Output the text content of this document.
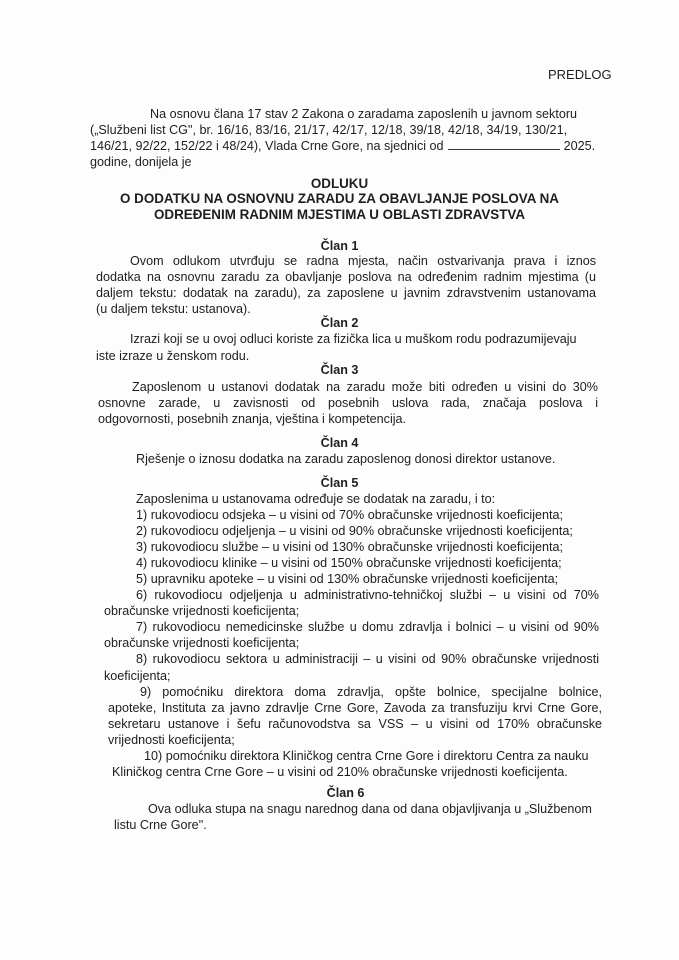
PREDLOG
Na osnovu člana 17 stav 2 Zakona o zaradama zaposlenih u javnom sektoru
(„Službeni list CG", br. 16/16, 83/16, 21/17, 42/17, 12/18, 39/18, 42/18, 34/19, 130/21,
146/21, 92/22, 152/22 i 48/24), Vlada Crne Gore, na sjednici od	2025.
godine, donijela je
ODLUKU
O DODATKU NA OSNOVNU ZARADU ZA OBAVLJANJE POSLOVA NA
ODREĐENIM RADNIM MJESTIMA U OBLASTI ZDRAVSTVA
Član 1
Ovom odlukom utvrđuju se radna mjesta, način ostvarivanja prava i iznos
dodatka na osnovnu zaradu za obavljanje poslova na određenim radnim mjestima (u
daljem tekstu: dodatak na zaradu), za zaposlene u javnim zdravstvenim ustanovama
(u daljem tekstu: ustanova).
Član 2
Izrazi koji se u ovoj odluci koriste za fizička lica u muškom rodu podrazumijevaju
iste izraze u ženskom rodu.
Član 3
Zaposlenom u ustanovi dodatak na zaradu može biti određen u visini do 30%
osnovne zarade, u zavisnosti od posebnih uslova rada, značaja poslova i
odgovornosti, posebnih znanja, vještina i kompetencija.
Član 4
Rješenje o iznosu dodatka na zaradu zaposlenog donosi direktor ustanove.
Član 5
Zaposlenima u ustanovama određuje se dodatak na zaradu, i to:
1) rukovodiocu odsjeka – u visini od 70% obračunske vrijednosti koeficijenta;
2) rukovodiocu odjeljenja – u visini od 90% obračunske vrijednosti koeficijenta;
3) rukovodiocu službe – u visini od 130% obračunske vrijednosti koeficijenta;
4) rukovodiocu klinike – u visini od 150% obračunske vrijednosti koeficijenta;
5) upravniku apoteke – u visini od 130% obračunske vrijednosti koeficijenta;
6) rukovodiocu odjeljenja u administrativno-tehničkoj službi – u visini od 70%
obračunske vrijednosti koeficijenta;
7) rukovodiocu nemedicinske službe u domu zdravlja i bolnici – u visini od 90%
obračunske vrijednosti koeficijenta;
8) rukovodiocu sektora u administraciji – u visini od 90% obračunske vrijednosti
koeficijenta;
9) pomoćniku direktora doma zdravlja, opšte bolnice, specijalne bolnice,
apoteke, Instituta za javno zdravlje Crne Gore, Zavoda za transfuziju krvi Crne Gore,
sekretaru ustanove i šefu računovodstva sa VSS – u visini od 170% obračunske
vrijednosti koeficijenta;
10) pomoćniku direktora Kliničkog centra Crne Gore i direktoru Centra za nauku
Kliničkog centra Crne Gore – u visini od 210% obračunske vrijednosti koeficijenta.
Član 6
Ova odluka stupa na snagu narednog dana od dana objavljivanja u „Službenom
listu Crne Gore".
